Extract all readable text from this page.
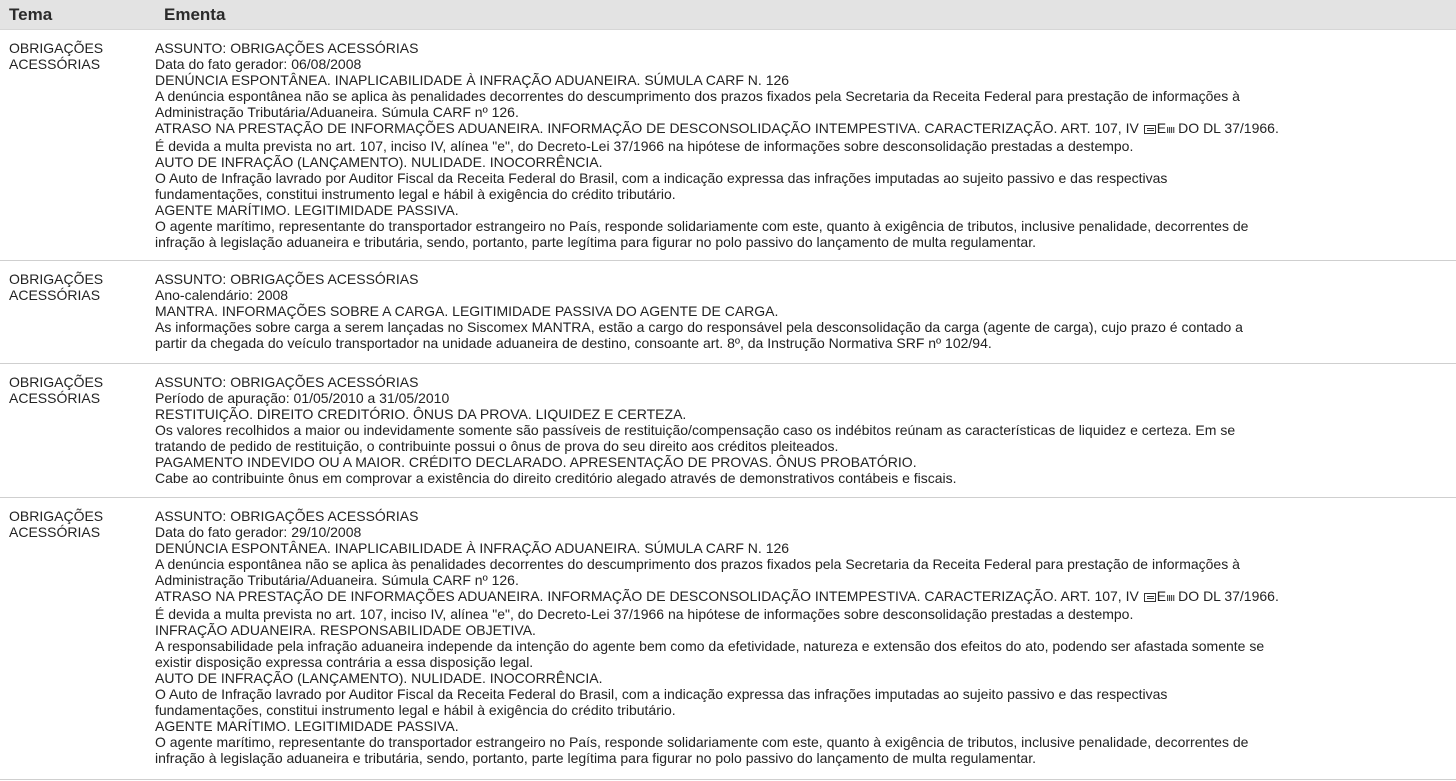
Tema	Ementa
OBRIGAÇÕES
ACESSÓRIAS
ASSUNTO: OBRIGAÇÕES ACESSÓRIAS
Data do fato gerador: 06/08/2008
DENÚNCIA ESPONTÂNEA. INAPLICABILIDADE À INFRAÇÃO ADUANEIRA. SÚMULA CARF N. 126
A denúncia espontânea não se aplica às penalidades decorrentes do descumprimento dos prazos fixados pela Secretaria da Receita Federal para prestação de informações à
Administração Tributária/Aduaneira. Súmula CARF nº 126.
ATRASO NA PRESTAÇÃO DE INFORMAÇÕES ADUANEIRA. INFORMAÇÃO DE DESCONSOLIDAÇÃO INTEMPESTIVA. CARACTERIZAÇÃO. ART. 107, IV Eıııı DO DL 37/1966.
É devida a multa prevista no art. 107, inciso IV, alínea "e", do Decreto-Lei 37/1966 na hipótese de informações sobre desconsolidação prestadas a destempo.
AUTO DE INFRAÇÃO (LANÇAMENTO). NULIDADE. INOCORRÊNCIA.
O Auto de Infração lavrado por Auditor Fiscal da Receita Federal do Brasil, com a indicação expressa das infrações imputadas ao sujeito passivo e das respectivas
fundamentações, constitui instrumento legal e hábil à exigência do crédito tributário.
AGENTE MARÍTIMO. LEGITIMIDADE PASSIVA.
O agente marítimo, representante do transportador estrangeiro no País, responde solidariamente com este, quanto à exigência de tributos, inclusive penalidade, decorrentes de
infração à legislação aduaneira e tributária, sendo, portanto, parte legítima para figurar no polo passivo do lançamento de multa regulamentar.
OBRIGAÇÕES
ACESSÓRIAS
ASSUNTO: OBRIGAÇÕES ACESSÓRIAS
Ano-calendário: 2008
MANTRA. INFORMAÇÕES SOBRE A CARGA. LEGITIMIDADE PASSIVA DO AGENTE DE CARGA.
As informações sobre carga a serem lançadas no Siscomex MANTRA, estão a cargo do responsável pela desconsolidação da carga (agente de carga), cujo prazo é contado a
partir da chegada do veículo transportador na unidade aduaneira de destino, consoante art. 8º, da Instrução Normativa SRF nº 102/94.
OBRIGAÇÕES
ACESSÓRIAS
ASSUNTO: OBRIGAÇÕES ACESSÓRIAS
Período de apuração: 01/05/2010 a 31/05/2010
RESTITUIÇÃO. DIREITO CREDITÓRIO. ÔNUS DA PROVA. LIQUIDEZ E CERTEZA.
Os valores recolhidos a maior ou indevidamente somente são passíveis de restituição/compensação caso os indébitos reúnam as características de liquidez e certeza. Em se
tratando de pedido de restituição, o contribuinte possui o ônus de prova do seu direito aos créditos pleiteados.
PAGAMENTO INDEVIDO OU A MAIOR. CRÉDITO DECLARADO. APRESENTAÇÃO DE PROVAS. ÔNUS PROBATÓRIO.
Cabe ao contribuinte ônus em comprovar a existência do direito creditório alegado através de demonstrativos contábeis e fiscais.
OBRIGAÇÕES
ACESSÓRIAS
ASSUNTO: OBRIGAÇÕES ACESSÓRIAS
Data do fato gerador: 29/10/2008
DENÚNCIA ESPONTÂNEA. INAPLICABILIDADE À INFRAÇÃO ADUANEIRA. SÚMULA CARF N. 126
A denúncia espontânea não se aplica às penalidades decorrentes do descumprimento dos prazos fixados pela Secretaria da Receita Federal para prestação de informações à
Administração Tributária/Aduaneira. Súmula CARF nº 126.
ATRASO NA PRESTAÇÃO DE INFORMAÇÕES ADUANEIRA. INFORMAÇÃO DE DESCONSOLIDAÇÃO INTEMPESTIVA. CARACTERIZAÇÃO. ART. 107, IV Eıııı DO DL 37/1966.
É devida a multa prevista no art. 107, inciso IV, alínea "e", do Decreto-Lei 37/1966 na hipótese de informações sobre desconsolidação prestadas a destempo.
INFRAÇÃO ADUANEIRA. RESPONSABILIDADE OBJETIVA.
A responsabilidade pela infração aduaneira independe da intenção do agente bem como da efetividade, natureza e extensão dos efeitos do ato, podendo ser afastada somente se
existir disposição expressa contrária a essa disposição legal.
AUTO DE INFRAÇÃO (LANÇAMENTO). NULIDADE. INOCORRÊNCIA.
O Auto de Infração lavrado por Auditor Fiscal da Receita Federal do Brasil, com a indicação expressa das infrações imputadas ao sujeito passivo e das respectivas
fundamentações, constitui instrumento legal e hábil à exigência do crédito tributário.
AGENTE MARÍTIMO. LEGITIMIDADE PASSIVA.
O agente marítimo, representante do transportador estrangeiro no País, responde solidariamente com este, quanto à exigência de tributos, inclusive penalidade, decorrentes de
infração à legislação aduaneira e tributária, sendo, portanto, parte legítima para figurar no polo passivo do lançamento de multa regulamentar.
